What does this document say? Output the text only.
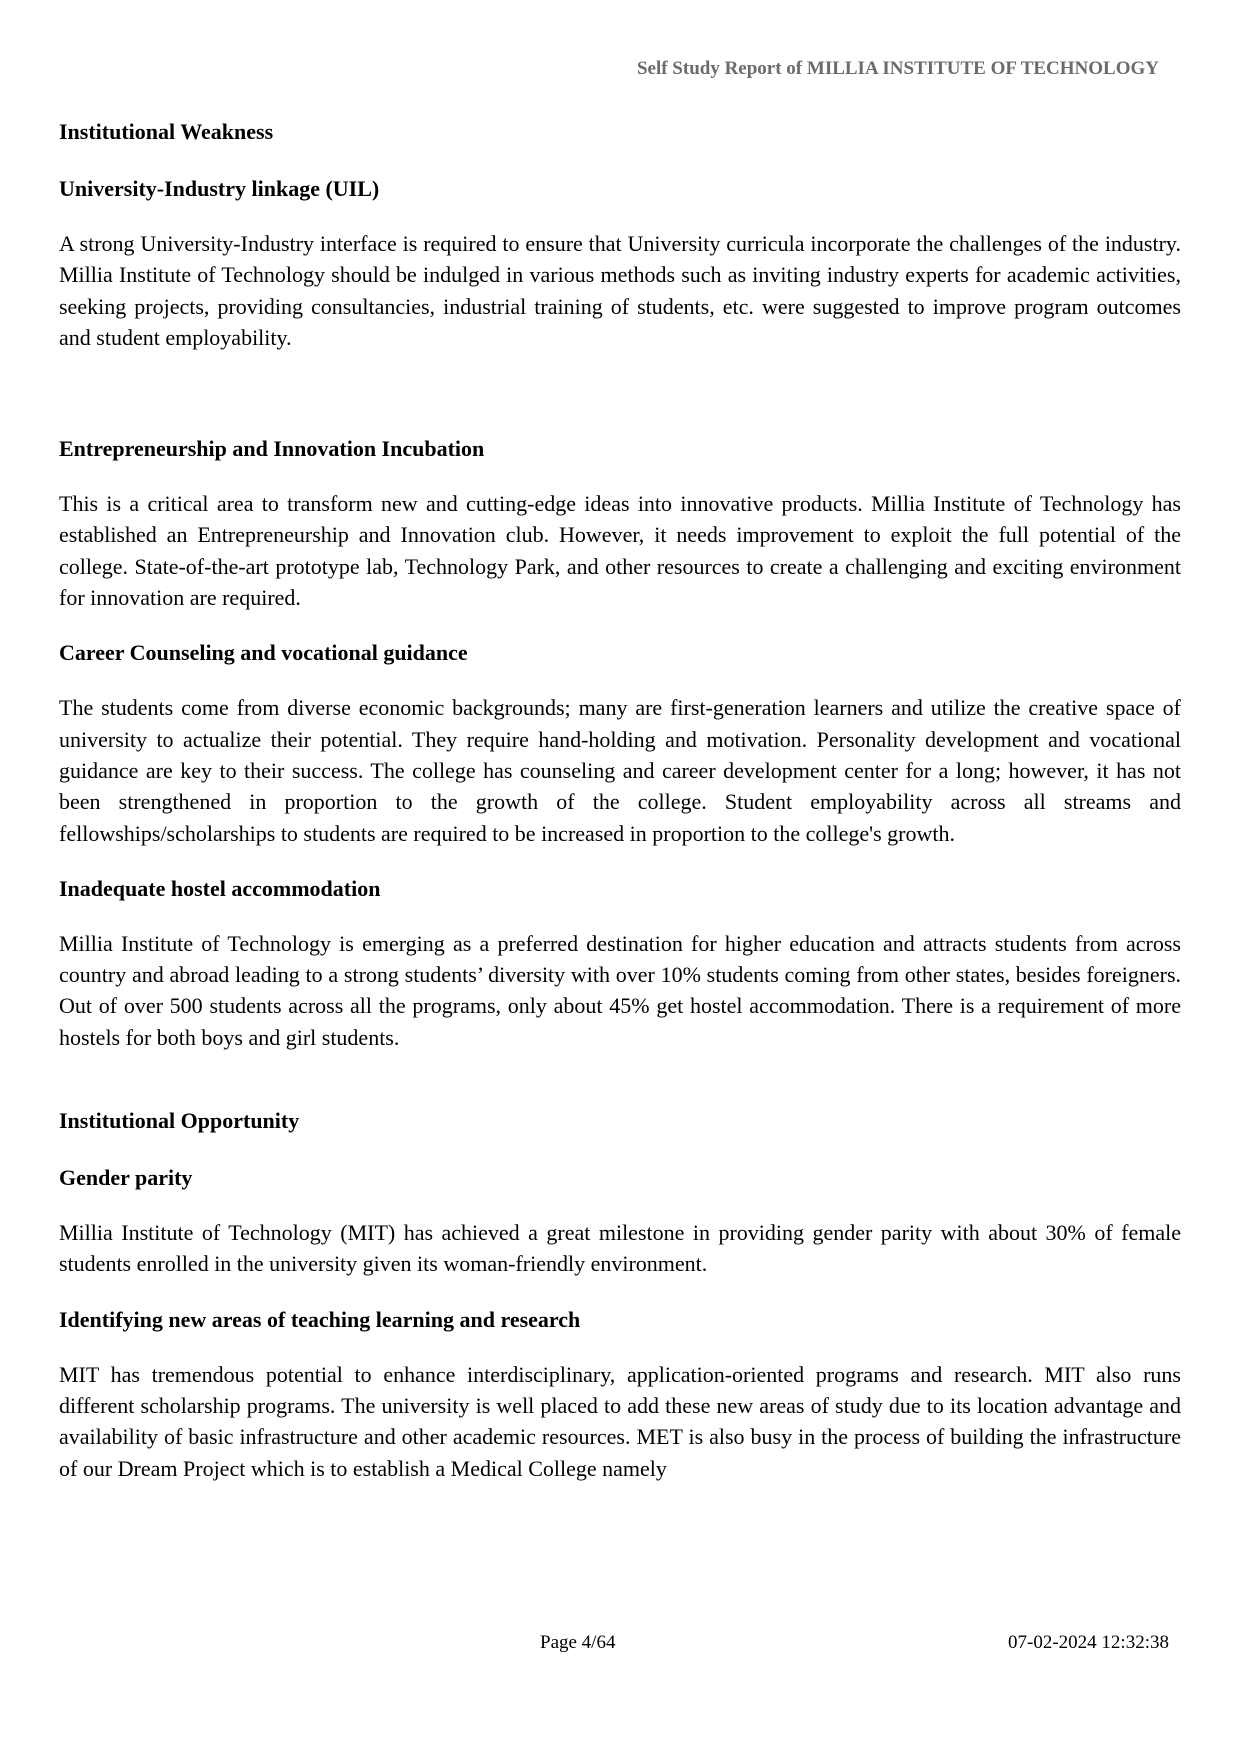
Self Study Report of MILLIA INSTITUTE OF TECHNOLOGY

Institutional Weakness

University-Industry linkage (UIL)

A strong University-Industry interface is required to ensure that University curricula incorporate the challenges of the industry. Millia Institute of Technology should be indulged in various methods such as inviting industry experts for academic activities, seeking projects, providing consultancies, industrial training of students, etc. were suggested to improve program outcomes and student employability.

Entrepreneurship and Innovation Incubation

This is a critical area to transform new and cutting-edge ideas into innovative products. Millia Institute of Technology has established an Entrepreneurship and Innovation club. However, it needs improvement to exploit the full potential of the college. State-of-the-art prototype lab, Technology Park, and other resources to create a challenging and exciting environment for innovation are required.

Career Counseling and vocational guidance

The students come from diverse economic backgrounds; many are first-generation learners and utilize the creative space of university to actualize their potential. They require hand-holding and motivation. Personality development and vocational guidance are key to their success. The college has counseling and career development center for a long; however, it has not been strengthened in proportion to the growth of the college. Student employability across all streams and fellowships/scholarships to students are required to be increased in proportion to the college's growth.

Inadequate hostel accommodation

Millia Institute of Technology is emerging as a preferred destination for higher education and attracts students from across country and abroad leading to a strong students’ diversity with over 10% students coming from other states, besides foreigners. Out of over 500 students across all the programs, only about 45% get hostel accommodation. There is a requirement of more hostels for both boys and girl students.

Institutional Opportunity

Gender parity

Millia Institute of Technology (MIT) has achieved a great milestone in providing gender parity with about 30% of female students enrolled in the university given its woman-friendly environment.

Identifying new areas of teaching learning and research

MIT has tremendous potential to enhance interdisciplinary, application-oriented programs and research. MIT also runs different scholarship programs. The university is well placed to add these new areas of study due to its location advantage and availability of basic infrastructure and other academic resources. MET is also busy in the process of building the infrastructure of our Dream Project which is to establish a Medical College namely

Page 4/64	07-02-2024 12:32:38
